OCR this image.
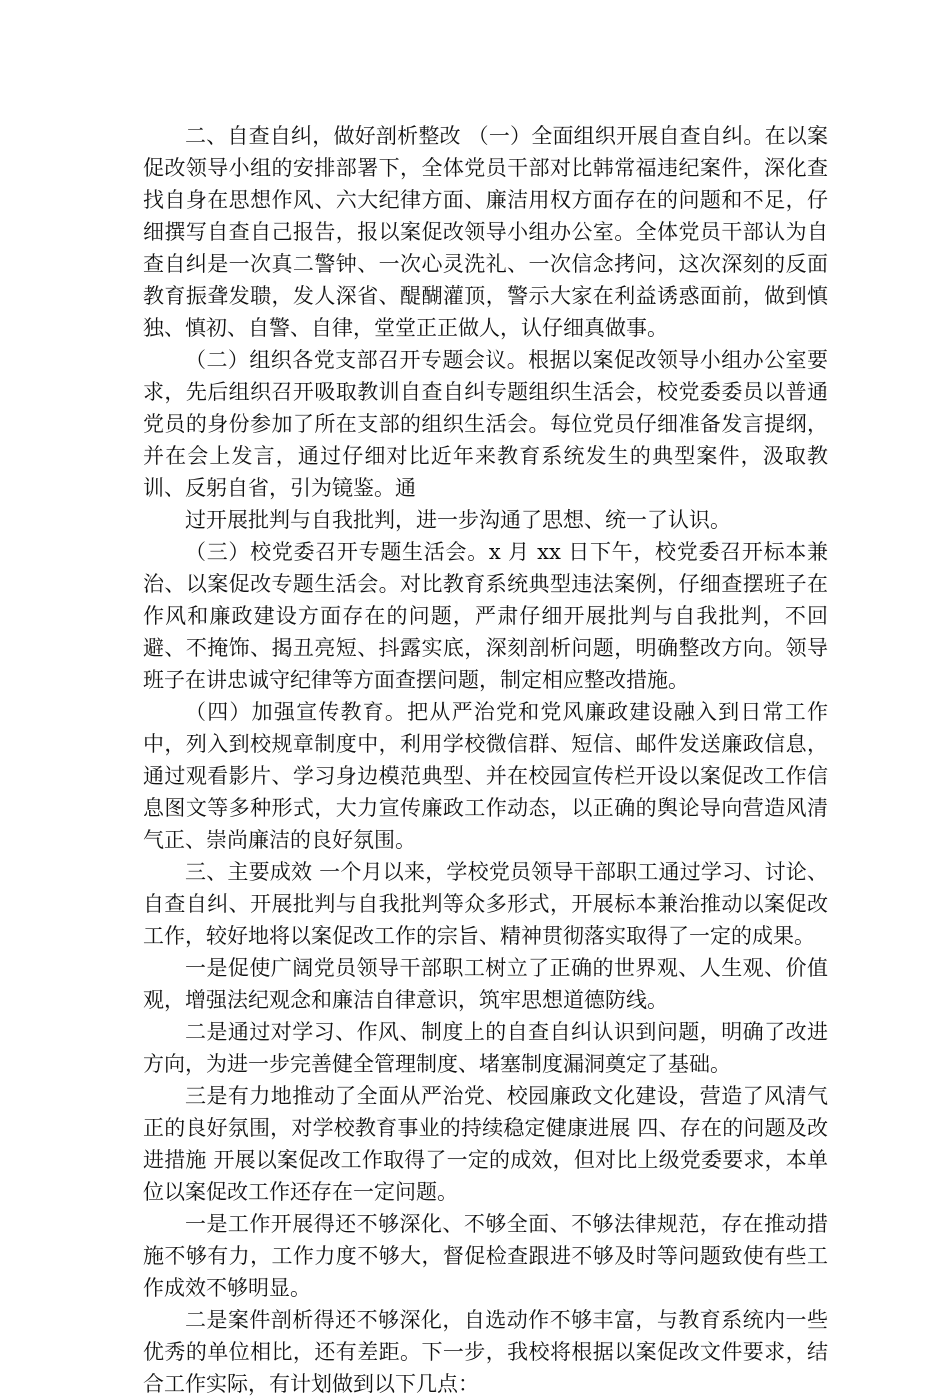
二、自查自纠，做好剖析整改 （一）全面组织开展自查自纠。在以案促改领导小组的安排部署下，全体党员干部对比韩常福违纪案件，深化查找自身在思想作风、六大纪律方面、廉洁用权方面存在的问题和不足，仔细撰写自查自己报告，报以案促改领导小组办公室。全体党员干部认为自查自纠是一次真二警钟、一次心灵洗礼、一次信念拷问，这次深刻的反面教育振聋发聩，发人深省、醍醐灌顶，警示大家在利益诱惑面前，做到慎独、慎初、自警、自律，堂堂正正做人，认仔细真做事。

（二）组织各党支部召开专题会议。根据以案促改领导小组办公室要求，先后组织召开吸取教训自查自纠专题组织生活会，校党委委员以普通党员的身份参加了所在支部的组织生活会。每位党员仔细准备发言提纲，并在会上发言，通过仔细对比近年来教育系统发生的典型案件，汲取教训、反躬自省，引为镜鉴。通

过开展批判与自我批判，进一步沟通了思想、统一了认识。

（三）校党委召开专题生活会。x 月 xx 日下午，校党委召开标本兼治、以案促改专题生活会。对比教育系统典型违法案例，仔细查摆班子在作风和廉政建设方面存在的问题，严肃仔细开展批判与自我批判，不回避、不掩饰、揭丑亮短、抖露实底，深刻剖析问题，明确整改方向。领导班子在讲忠诚守纪律等方面查摆问题，制定相应整改措施。

（四）加强宣传教育。把从严治党和党风廉政建设融入到日常工作中，列入到校规章制度中，利用学校微信群、短信、邮件发送廉政信息，通过观看影片、学习身边模范典型、并在校园宣传栏开设以案促改工作信息图文等多种形式，大力宣传廉政工作动态，以正确的舆论导向营造风清气正、崇尚廉洁的良好氛围。

三、主要成效 一个月以来，学校党员领导干部职工通过学习、讨论、自查自纠、开展批判与自我批判等众多形式，开展标本兼治推动以案促改工作，较好地将以案促改工作的宗旨、精神贯彻落实取得了一定的成果。

一是促使广阔党员领导干部职工树立了正确的世界观、人生观、价值观，增强法纪观念和廉洁自律意识，筑牢思想道德防线。

二是通过对学习、作风、制度上的自查自纠认识到问题，明确了改进方向，为进一步完善健全管理制度、堵塞制度漏洞奠定了基础。

三是有力地推动了全面从严治党、校园廉政文化建设，营造了风清气正的良好氛围，对学校教育事业的持续稳定健康进展 四、存在的问题及改进措施 开展以案促改工作取得了一定的成效，但对比上级党委要求，本单位以案促改工作还存在一定问题。

一是工作开展得还不够深化、不够全面、不够法律规范，存在推动措施不够有力，工作力度不够大，督促检查跟进不够及时等问题致使有些工作成效不够明显。

二是案件剖析得还不够深化，自选动作不够丰富，与教育系统内一些优秀的单位相比，还有差距。下一步，我校将根据以案促改文件要求，结合工作实际，有计划做到以下几点：
